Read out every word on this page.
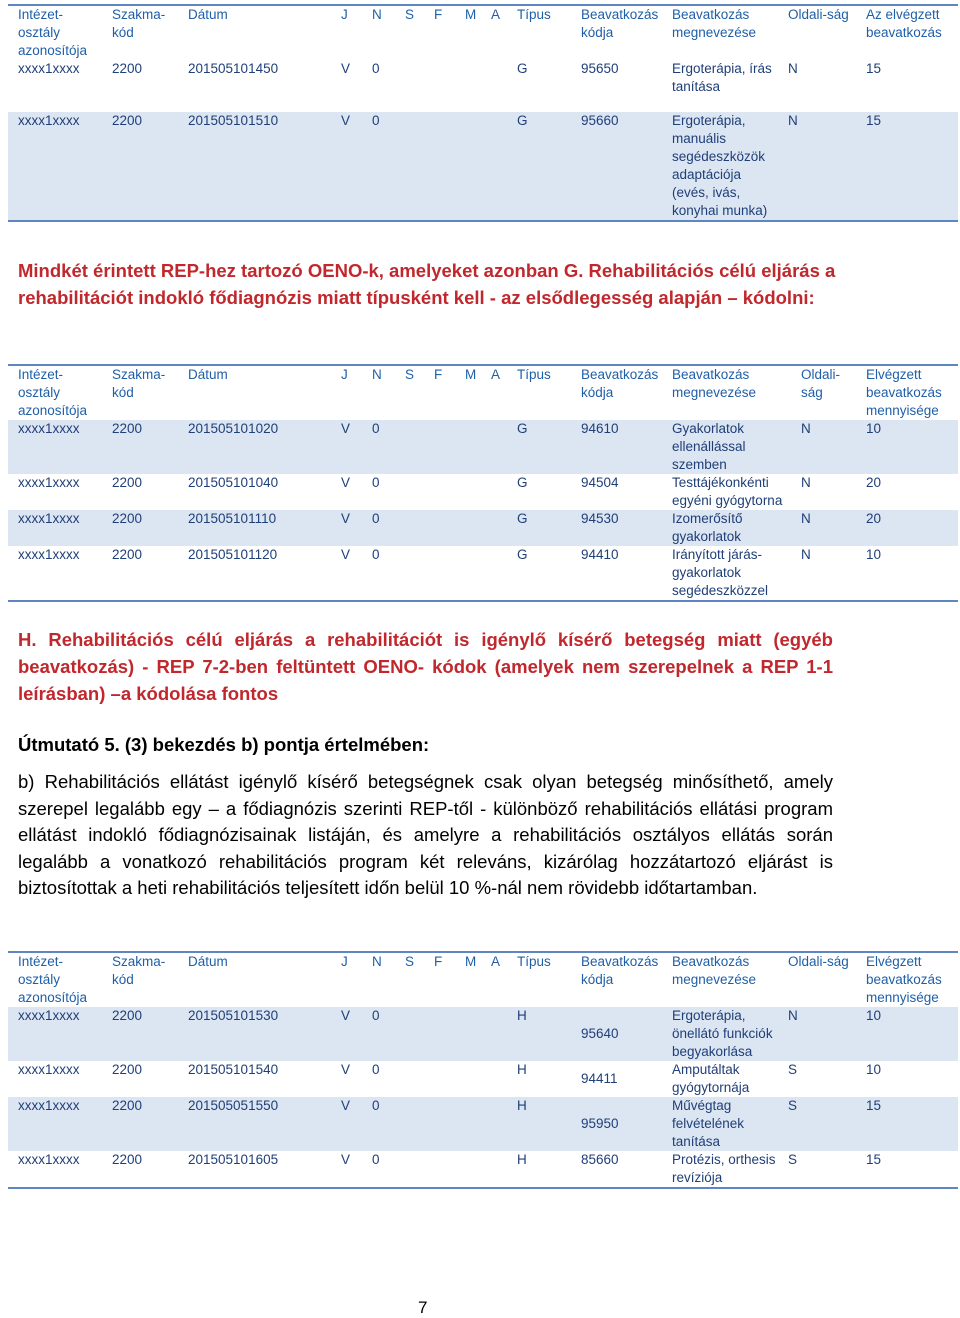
Intézet-osztály azonosítója	Szakma-kód	Dátum	J	N	S	F	M	A	Típus	Beavatkozás kódja	Beavatkozás megnevezése	Oldali-ság	Az elvégzett beavatkozás
xxxx1xxxx	2200	201505101450	V	0					G	95650	Ergoterápia, írás tanítása	N	15

xxxx1xxxx	2200	201505101510	V	0					G	95660	Ergoterápia, manuális segédeszközök adaptációja (evés, ivás, konyhai munka)	N	15

Mindkét érintett REP-hez tartozó OENO-k, amelyeket azonban G. Rehabilitációs célú eljárás a rehabilitációt indokló fődiagnózis miatt típusként kell - az elsődlegesség alapján – kódolni:

Intézet-osztály azonosítója	Szakma-kód	Dátum	J	N	S	F	M	A	Típus	Beavatkozás kódja	Beavatkozás megnevezése	Oldali-ság	Elvégzett beavatkozás mennyisége
xxxx1xxxx	2200	201505101020	V	0					G	94610	Gyakorlatok ellenállással szemben	N	10
xxxx1xxxx	2200	201505101040	V	0					G	94504	Testtájékonkénti egyéni gyógytorna	N	20
xxxx1xxxx	2200	201505101110	V	0					G	94530	Izomerősítő gyakorlatok	N	20
xxxx1xxxx	2200	201505101120	V	0					G	94410	Irányított járás-gyakorlatok segédeszközzel	N	10

H. Rehabilitációs célú eljárás a rehabilitációt is igénylő kísérő betegség miatt (egyéb beavatkozás) - REP 7-2-ben feltüntett OENO- kódok (amelyek nem szerepelnek a REP 1-1 leírásban) –a kódolása fontos

Útmutató 5. (3) bekezdés b) pontja értelmében:

b) Rehabilitációs ellátást igénylő kísérő betegségnek csak olyan betegség minősíthető, amely szerepel legalább egy – a fődiagnózis szerinti REP-től - különböző rehabilitációs ellátási program ellátást indokló fődiagnózisainak listáján, és amelyre a rehabilitációs osztályos ellátás során legalább a vonatkozó rehabilitációs program két releváns, kizárólag hozzátartozó eljárást is biztosítottak a heti rehabilitációs teljesített időn belül 10 %-nál nem rövidebb időtartamban.

Intézet-osztály azonosítója	Szakma-kód	Dátum	J	N	S	F	M	A	Típus	Beavatkozás kódja	Beavatkozás megnevezése	Oldali-ság	Elvégzett beavatkozás mennyisége
xxxx1xxxx	2200	201505101530	V	0					H	95640	Ergoterápia, önellátó funkciók begyakorlása	N	10
xxxx1xxxx	2200	201505101540	V	0					H	94411	Amputáltak gyógytornája	S	10
xxxx1xxxx	2200	201505051550	V	0					H	95950	Művégtag felvételének tanítása	S	15
xxxx1xxxx	2200	201505101605	V	0					H	85660	Protézis, orthesis revíziója	S	15
7
